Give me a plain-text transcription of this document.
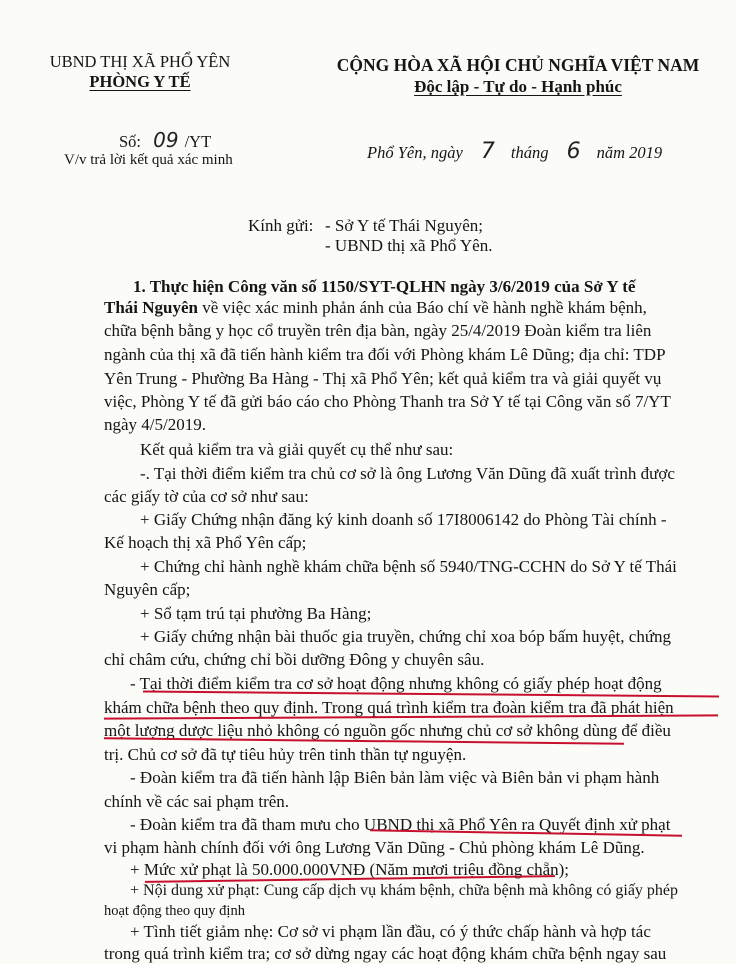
UBND THỊ XÃ PHỔ YÊN
PHÒNG Y TẾ
CỘNG HÒA XÃ HỘI CHỦ NGHĨA VIỆT NAM
Độc lập - Tự do - Hạnh phúc
Số: 09 /YT
V/v trả lời kết quả xác minh	Phổ Yên, ngày 7 tháng 6 năm 2019
Kính gửi: - Sở Y tế Thái Nguyên;
- UBND thị xã Phổ Yên.
1. Thực hiện Công văn số 1150/SYT-QLHN ngày 3/6/2019 của Sở Y tế
Thái Nguyên về việc xác minh phản ánh của Báo chí về hành nghề khám bệnh,
chữa bệnh bằng y học cổ truyền trên địa bàn, ngày 25/4/2019 Đoàn kiểm tra liên
ngành của thị xã đã tiến hành kiểm tra đối với Phòng khám Lê Dũng; địa chỉ: TDP
Yên Trung - Phường Ba Hàng - Thị xã Phổ Yên; kết quả kiểm tra và giải quyết vụ
việc, Phòng Y tế đã gửi báo cáo cho Phòng Thanh tra Sở Y tế tại Công văn số 7/YT
ngày 4/5/2019.
Kết quả kiểm tra và giải quyết cụ thể như sau:
-. Tại thời điểm kiểm tra chủ cơ sở là ông Lương Văn Dũng đã xuất trình được
các giấy tờ của cơ sở như sau:
+ Giấy Chứng nhận đăng ký kinh doanh số 17I8006142 do Phòng Tài chính -
Kế hoạch thị xã Phổ Yên cấp;
+ Chứng chỉ hành nghề khám chữa bệnh số 5940/TNG-CCHN do Sở Y tế Thái
Nguyên cấp;
+ Sổ tạm trú tại phường Ba Hàng;
+ Giấy chứng nhận bài thuốc gia truyền, chứng chỉ xoa bóp bấm huyệt, chứng
chỉ châm cứu, chứng chỉ bồi dưỡng Đông y chuyên sâu.
- Tại thời điểm kiểm tra cơ sở hoạt động nhưng không có giấy phép hoạt động
khám chữa bệnh theo quy định. Trong quá trình kiểm tra đoàn kiểm tra đã phát hiện
một lượng dược liệu nhỏ không có nguồn gốc nhưng chủ cơ sở không dùng để điều
trị. Chủ cơ sở đã tự tiêu hủy trên tinh thần tự nguyện.
- Đoàn kiểm tra đã tiến hành lập Biên bản làm việc và Biên bản vi phạm hành
chính về các sai phạm trên.
- Đoàn kiểm tra đã tham mưu cho UBND thị xã Phổ Yên ra Quyết định xử phạt
vi phạm hành chính đối với ông Lương Văn Dũng - Chủ phòng khám Lê Dũng.
+ Mức xử phạt là 50.000.000VNĐ (Năm mươi triệu đồng chẵn);
+ Nội dung xử phạt: Cung cấp dịch vụ khám bệnh, chữa bệnh mà không có giấy phép
hoạt động theo quy định
+ Tình tiết giảm nhẹ: Cơ sở vi phạm lần đầu, có ý thức chấp hành và hợp tác
trong quá trình kiểm tra; cơ sở dừng ngay các hoạt động khám chữa bệnh ngay sau
